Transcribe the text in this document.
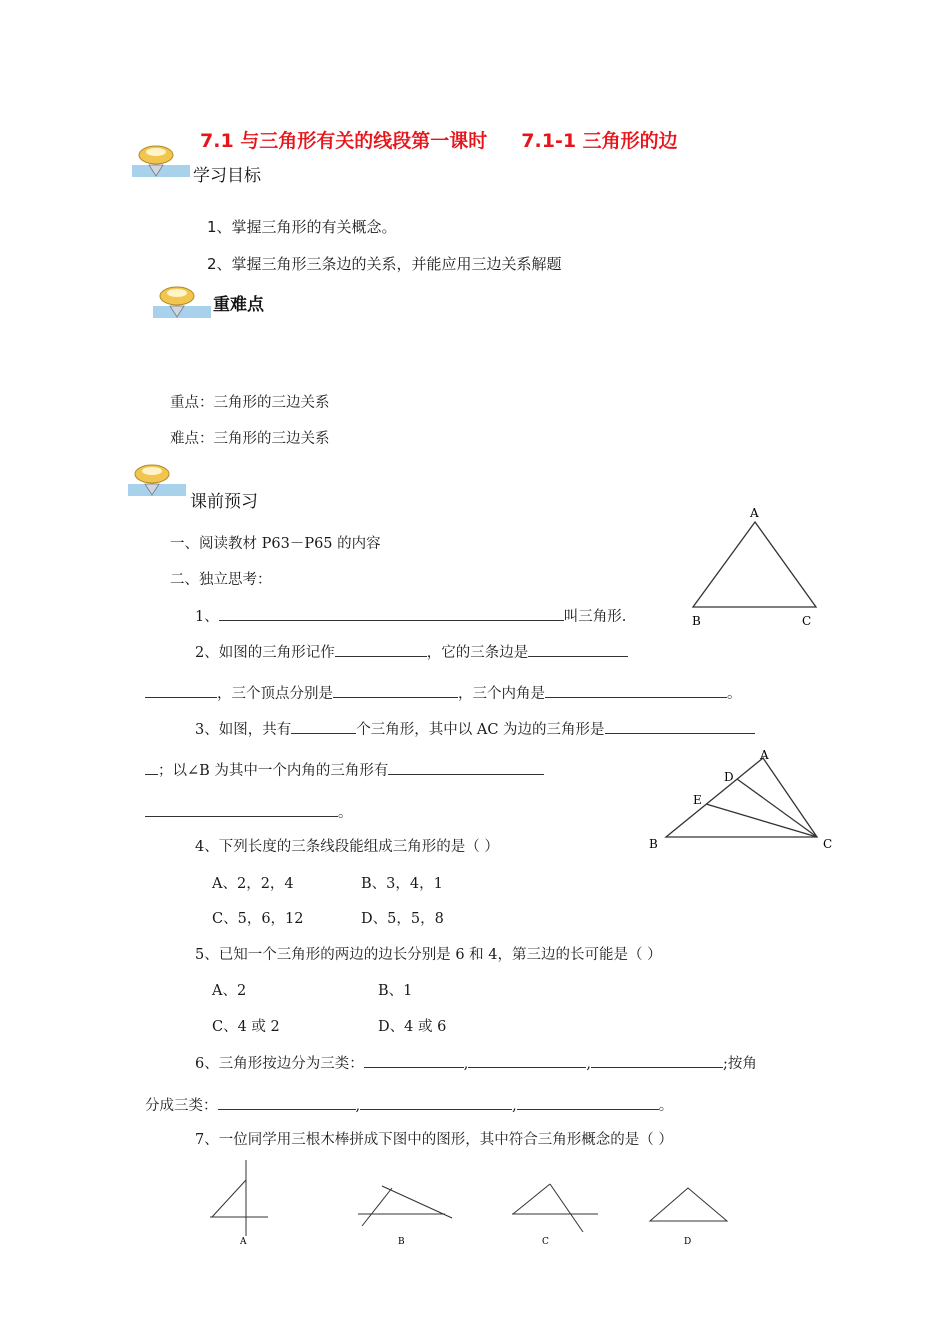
7.1 与三角形有关的线段第一课时 7.1-1 三角形的边
学习目标
1、掌握三角形的有关概念。
2、掌握三角形三条边的关系，并能应用三边关系解题
重难点
重点：三角形的三边关系
难点：三角形的三边关系
课前预习
一、阅读教材 P63－P65 的内容
二、独立思考：
1、	叫三角形.
2、如图的三角形记作	，它的三条边是
，三个顶点分别是	，三个内角是	。
3、如图，共有	个三角形，其中以 AC 为边的三角形是
；以∠B 为其中一个内角的三角形有
。
4、下列长度的三条线段能组成三角形的是（ ）
A、2，2，4	B、3，4，1
C、5，6，12	D、5，5，8
5、已知一个三角形的两边的边长分别是 6 和 4，第三边的长可能是（ ）
A、2	B、1
C、4 或 2	D、4 或 6
6、三角形按边分为三类：	,	,	;按角
分成三类：	,	,	。
7、一位同学用三根木棒拼成下图中的图形，其中符合三角形概念的是（ ）
A
B	C
A
D
E
B	C
A	B	C	D
